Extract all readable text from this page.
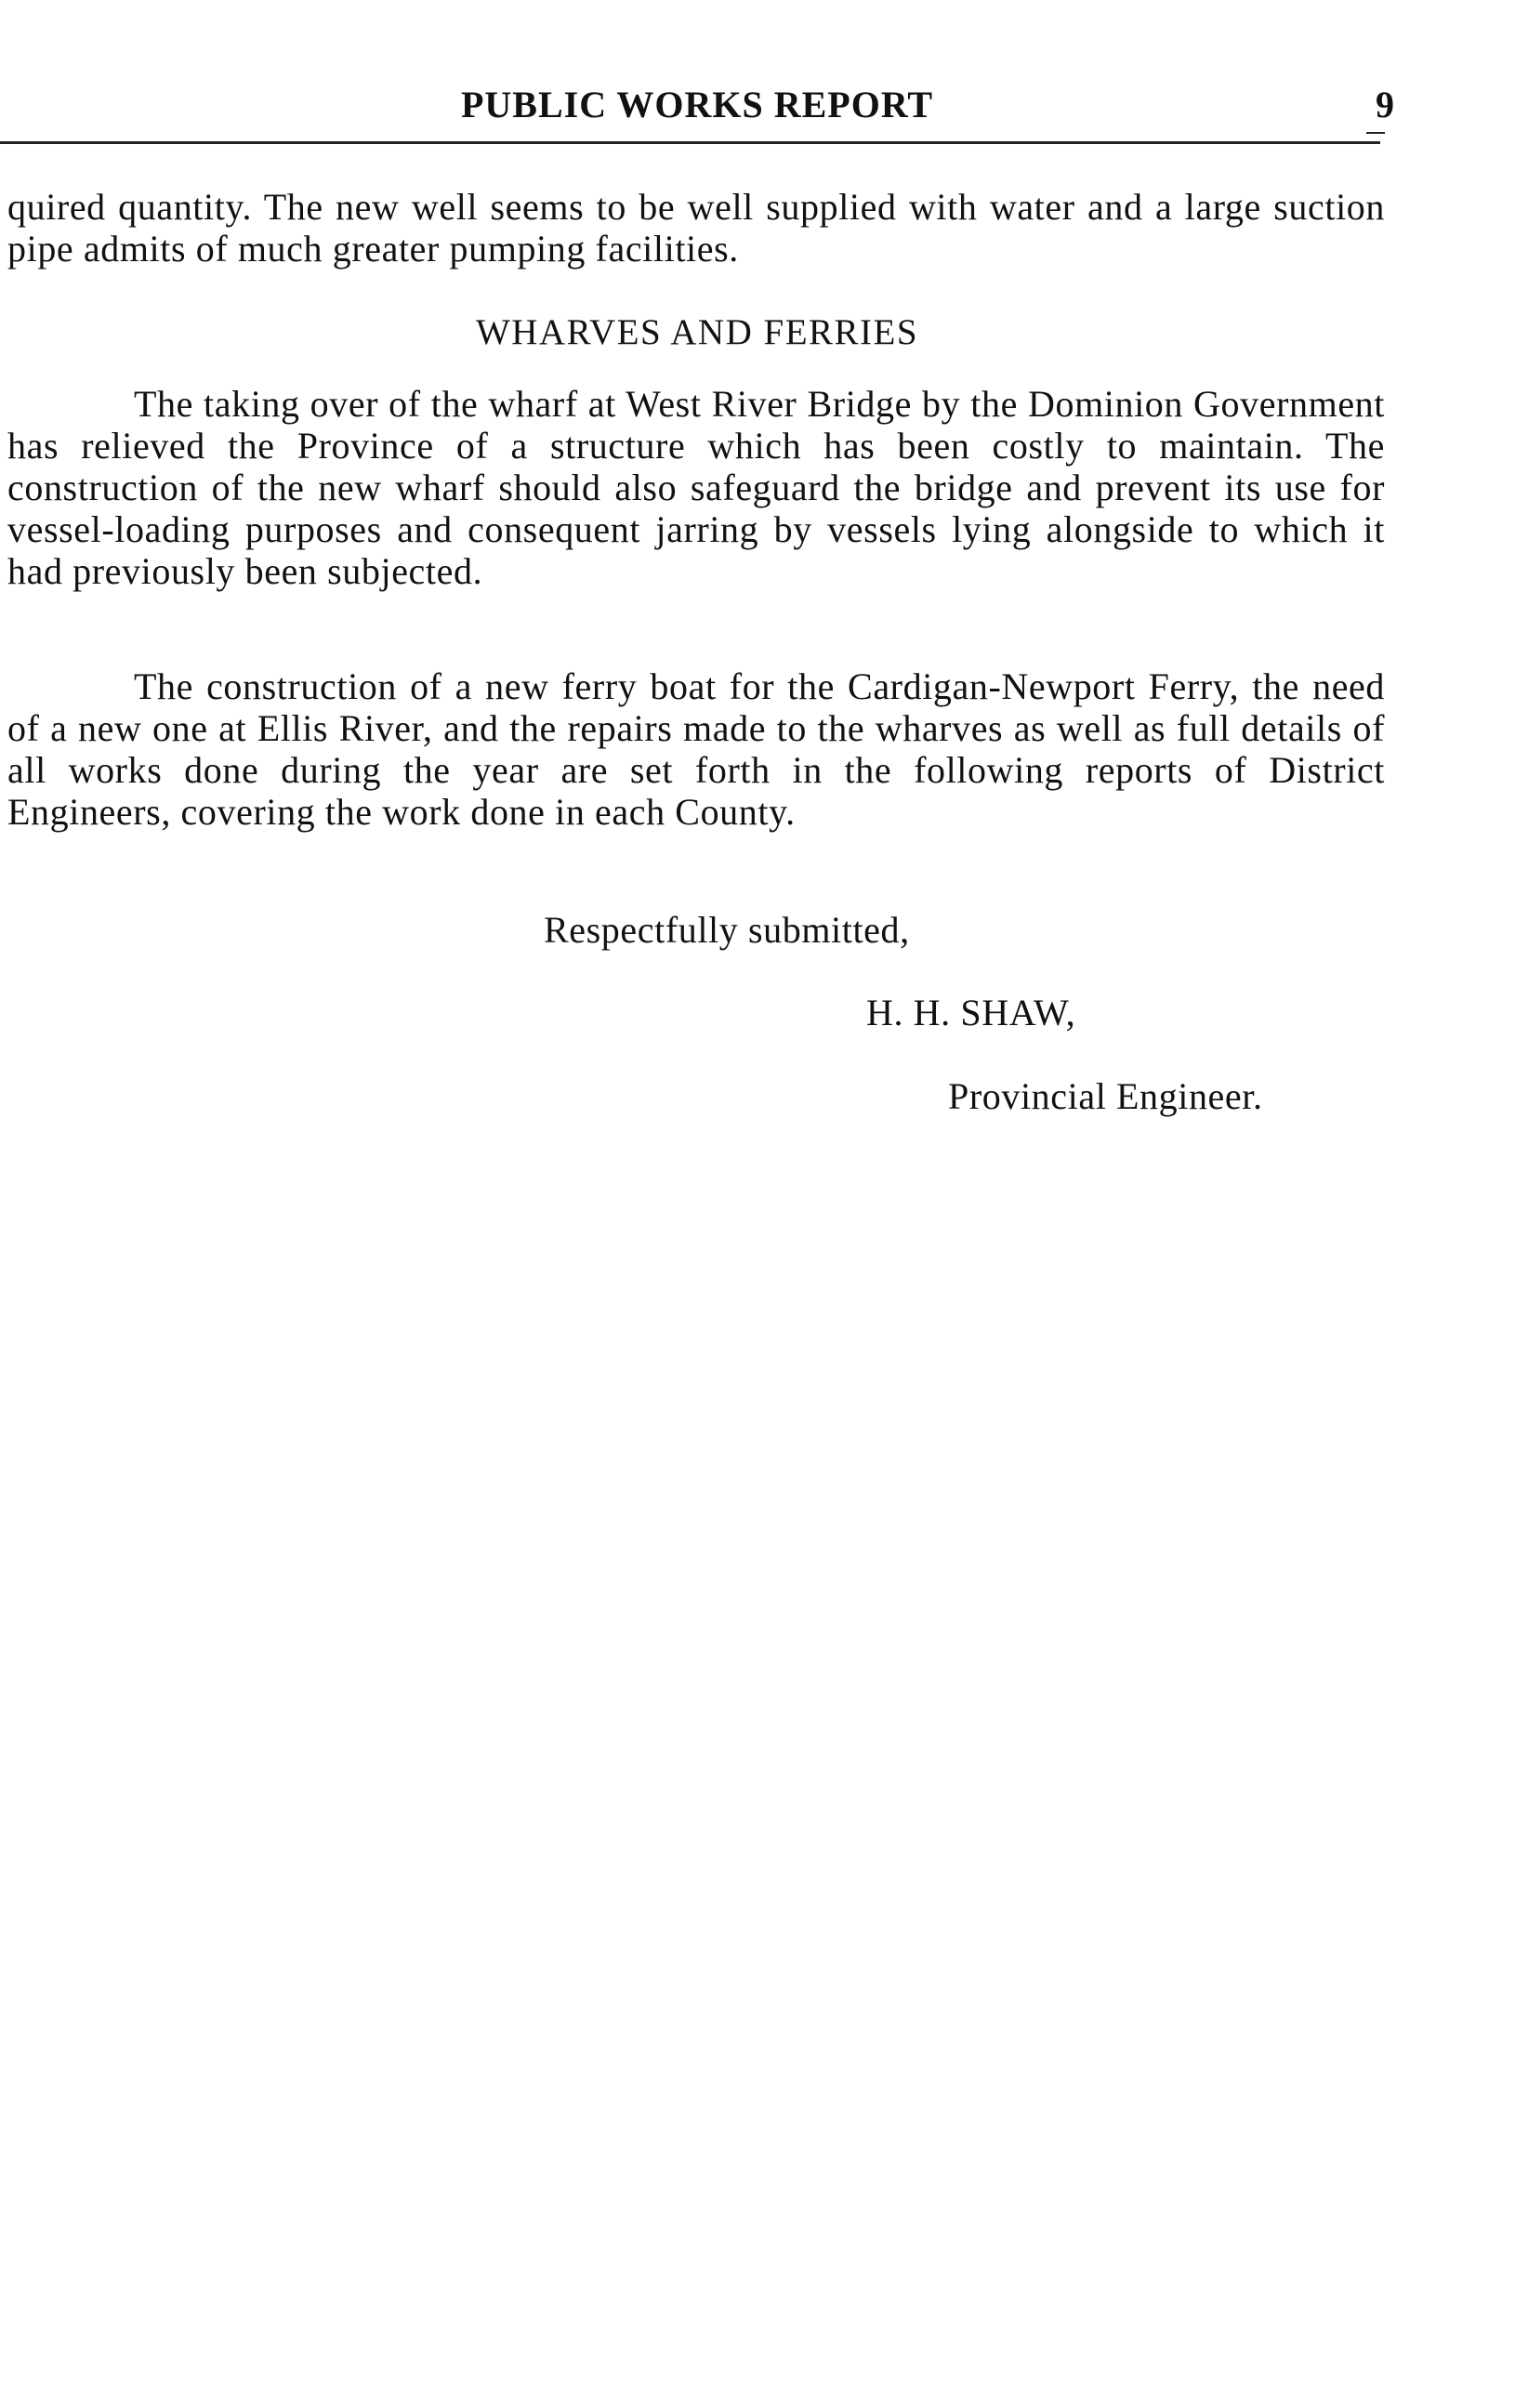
PUBLIC WORKS REPORT	9

quired quantity. The new well seems to be well supplied with water and a large suction pipe admits of much greater pumping facilities.

WHARVES AND FERRIES

The taking over of the wharf at West River Bridge by the Dominion Government has relieved the Province of a structure which has been costly to maintain. The construction of the new wharf should also safeguard the bridge and prevent its use for vessel-loading purposes and consequent jarring by vessels lying alongside to which it had previously been subjected.

The construction of a new ferry boat for the Cardigan-Newport Ferry, the need of a new one at Ellis River, and the repairs made to the wharves as well as full details of all works done during the year are set forth in the following reports of District Engineers, covering the work done in each County.

Respectfully submitted,
H. H. SHAW,
Provincial Engineer.
